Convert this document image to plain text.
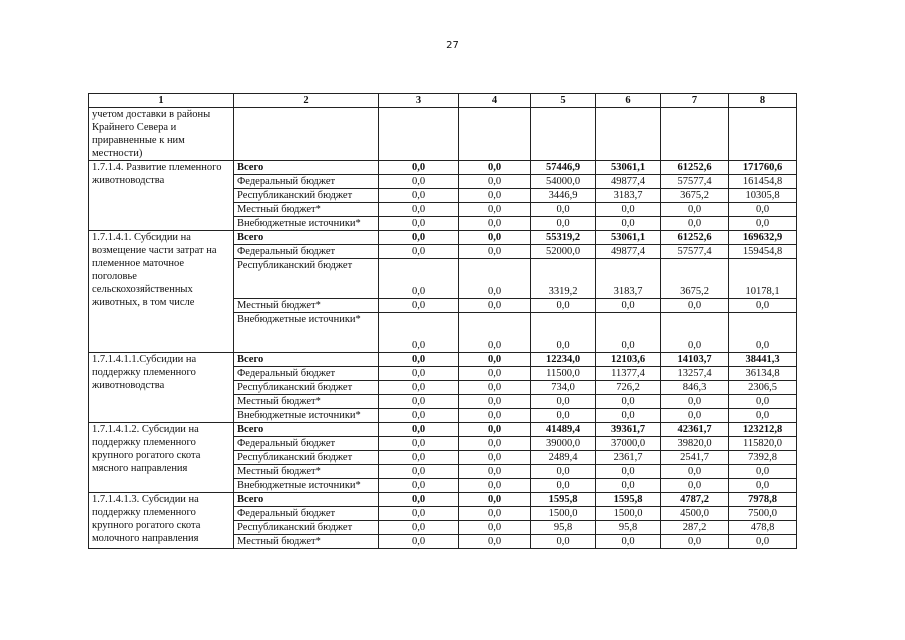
27
1	2	3	4	5	6	7	8
учетом доставки в районы Крайнего Севера и приравненные к ним местности)							
1.7.1.4. Развитие племенного животноводства	Всего	0,0	0,0	57446,9	53061,1	61252,6	171760,6
	Федеральный бюджет	0,0	0,0	54000,0	49877,4	57577,4	161454,8
	Республиканский бюджет	0,0	0,0	3446,9	3183,7	3675,2	10305,8
	Местный бюджет*	0,0	0,0	0,0	0,0	0,0	0,0
	Внебюджетные источники*	0,0	0,0	0,0	0,0	0,0	0,0
1.7.1.4.1. Субсидии на возмещение части затрат на племенное маточное поголовье сельскохозяйственных животных, в том числе	Всего	0,0	0,0	55319,2	53061,1	61252,6	169632,9
	Федеральный бюджет	0,0	0,0	52000,0	49877,4	57577,4	159454,8
	Республиканский бюджет	0,0	0,0	3319,2	3183,7	3675,2	10178,1
	Местный бюджет*	0,0	0,0	0,0	0,0	0,0	0,0
	Внебюджетные источники*	0,0	0,0	0,0	0,0	0,0	0,0
1.7.1.4.1.1.Субсидии на поддержку племенного животноводства	Всего	0,0	0,0	12234,0	12103,6	14103,7	38441,3
	Федеральный бюджет	0,0	0,0	11500,0	11377,4	13257,4	36134,8
	Республиканский бюджет	0,0	0,0	734,0	726,2	846,3	2306,5
	Местный бюджет*	0,0	0,0	0,0	0,0	0,0	0,0
	Внебюджетные источники*	0,0	0,0	0,0	0,0	0,0	0,0
1.7.1.4.1.2. Субсидии на поддержку племенного крупного рогатого скота мясного направления	Всего	0,0	0,0	41489,4	39361,7	42361,7	123212,8
	Федеральный бюджет	0,0	0,0	39000,0	37000,0	39820,0	115820,0
	Республиканский бюджет	0,0	0,0	2489,4	2361,7	2541,7	7392,8
	Местный бюджет*	0,0	0,0	0,0	0,0	0,0	0,0
	Внебюджетные источники*	0,0	0,0	0,0	0,0	0,0	0,0
1.7.1.4.1.3. Субсидии на поддержку племенного крупного рогатого скота молочного направления	Всего	0,0	0,0	1595,8	1595,8	4787,2	7978,8
	Федеральный бюджет	0,0	0,0	1500,0	1500,0	4500,0	7500,0
	Республиканский бюджет	0,0	0,0	95,8	95,8	287,2	478,8
	Местный бюджет*	0,0	0,0	0,0	0,0	0,0	0,0
